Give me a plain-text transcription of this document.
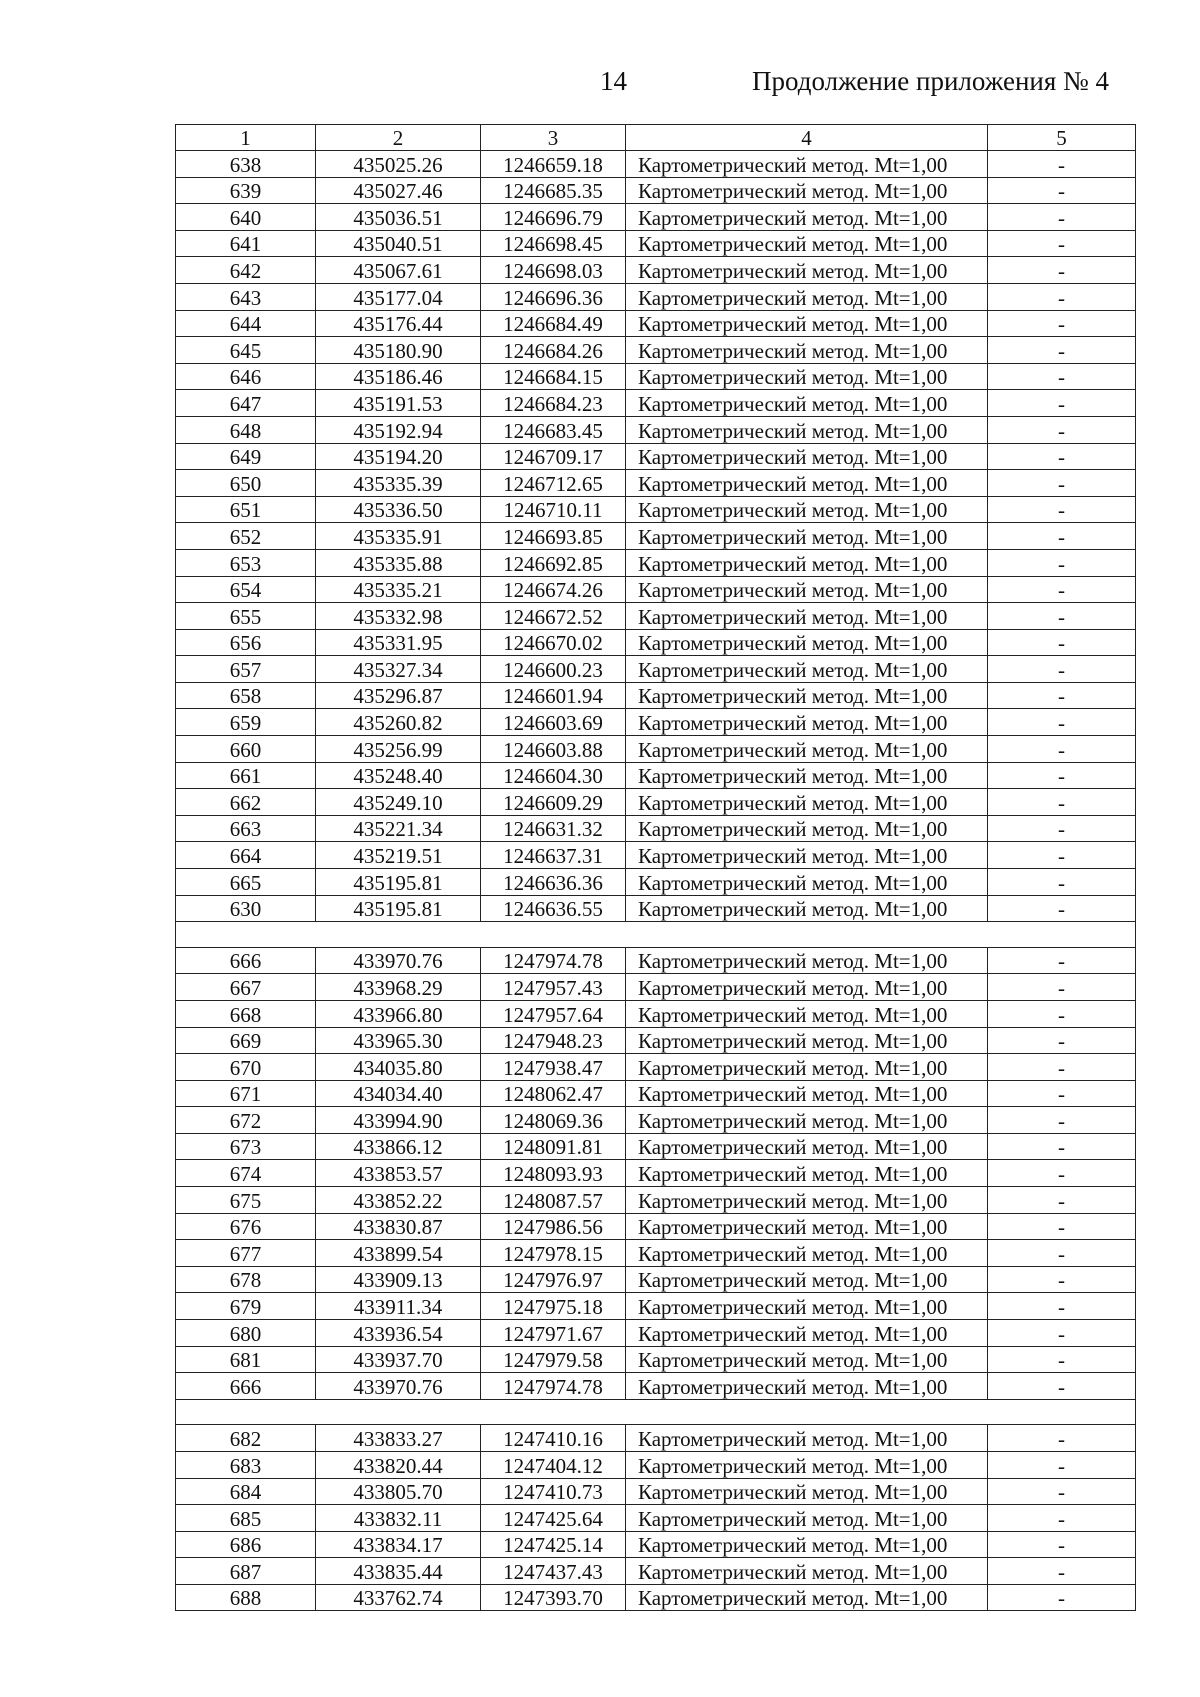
14	Продолжение приложения № 4
1	2	3	4	5
638	435025.26	1246659.18	Картометрический метод. Mt=1,00	-
639	435027.46	1246685.35	Картометрический метод. Mt=1,00	-
640	435036.51	1246696.79	Картометрический метод. Mt=1,00	-
641	435040.51	1246698.45	Картометрический метод. Mt=1,00	-
642	435067.61	1246698.03	Картометрический метод. Mt=1,00	-
643	435177.04	1246696.36	Картометрический метод. Mt=1,00	-
644	435176.44	1246684.49	Картометрический метод. Mt=1,00	-
645	435180.90	1246684.26	Картометрический метод. Mt=1,00	-
646	435186.46	1246684.15	Картометрический метод. Mt=1,00	-
647	435191.53	1246684.23	Картометрический метод. Mt=1,00	-
648	435192.94	1246683.45	Картометрический метод. Mt=1,00	-
649	435194.20	1246709.17	Картометрический метод. Mt=1,00	-
650	435335.39	1246712.65	Картометрический метод. Mt=1,00	-
651	435336.50	1246710.11	Картометрический метод. Mt=1,00	-
652	435335.91	1246693.85	Картометрический метод. Mt=1,00	-
653	435335.88	1246692.85	Картометрический метод. Mt=1,00	-
654	435335.21	1246674.26	Картометрический метод. Mt=1,00	-
655	435332.98	1246672.52	Картометрический метод. Mt=1,00	-
656	435331.95	1246670.02	Картометрический метод. Mt=1,00	-
657	435327.34	1246600.23	Картометрический метод. Mt=1,00	-
658	435296.87	1246601.94	Картометрический метод. Mt=1,00	-
659	435260.82	1246603.69	Картометрический метод. Mt=1,00	-
660	435256.99	1246603.88	Картометрический метод. Mt=1,00	-
661	435248.40	1246604.30	Картометрический метод. Mt=1,00	-
662	435249.10	1246609.29	Картометрический метод. Mt=1,00	-
663	435221.34	1246631.32	Картометрический метод. Mt=1,00	-
664	435219.51	1246637.31	Картометрический метод. Mt=1,00	-
665	435195.81	1246636.36	Картометрический метод. Mt=1,00	-
630	435195.81	1246636.55	Картометрический метод. Mt=1,00	-

666	433970.76	1247974.78	Картометрический метод. Mt=1,00	-
667	433968.29	1247957.43	Картометрический метод. Mt=1,00	-
668	433966.80	1247957.64	Картометрический метод. Mt=1,00	-
669	433965.30	1247948.23	Картометрический метод. Mt=1,00	-
670	434035.80	1247938.47	Картометрический метод. Mt=1,00	-
671	434034.40	1248062.47	Картометрический метод. Mt=1,00	-
672	433994.90	1248069.36	Картометрический метод. Mt=1,00	-
673	433866.12	1248091.81	Картометрический метод. Mt=1,00	-
674	433853.57	1248093.93	Картометрический метод. Mt=1,00	-
675	433852.22	1248087.57	Картометрический метод. Mt=1,00	-
676	433830.87	1247986.56	Картометрический метод. Mt=1,00	-
677	433899.54	1247978.15	Картометрический метод. Mt=1,00	-
678	433909.13	1247976.97	Картометрический метод. Mt=1,00	-
679	433911.34	1247975.18	Картометрический метод. Mt=1,00	-
680	433936.54	1247971.67	Картометрический метод. Mt=1,00	-
681	433937.70	1247979.58	Картометрический метод. Mt=1,00	-
666	433970.76	1247974.78	Картометрический метод. Mt=1,00	-

682	433833.27	1247410.16	Картометрический метод. Mt=1,00	-
683	433820.44	1247404.12	Картометрический метод. Mt=1,00	-
684	433805.70	1247410.73	Картометрический метод. Mt=1,00	-
685	433832.11	1247425.64	Картометрический метод. Mt=1,00	-
686	433834.17	1247425.14	Картометрический метод. Mt=1,00	-
687	433835.44	1247437.43	Картометрический метод. Mt=1,00	-
688	433762.74	1247393.70	Картометрический метод. Mt=1,00	-
